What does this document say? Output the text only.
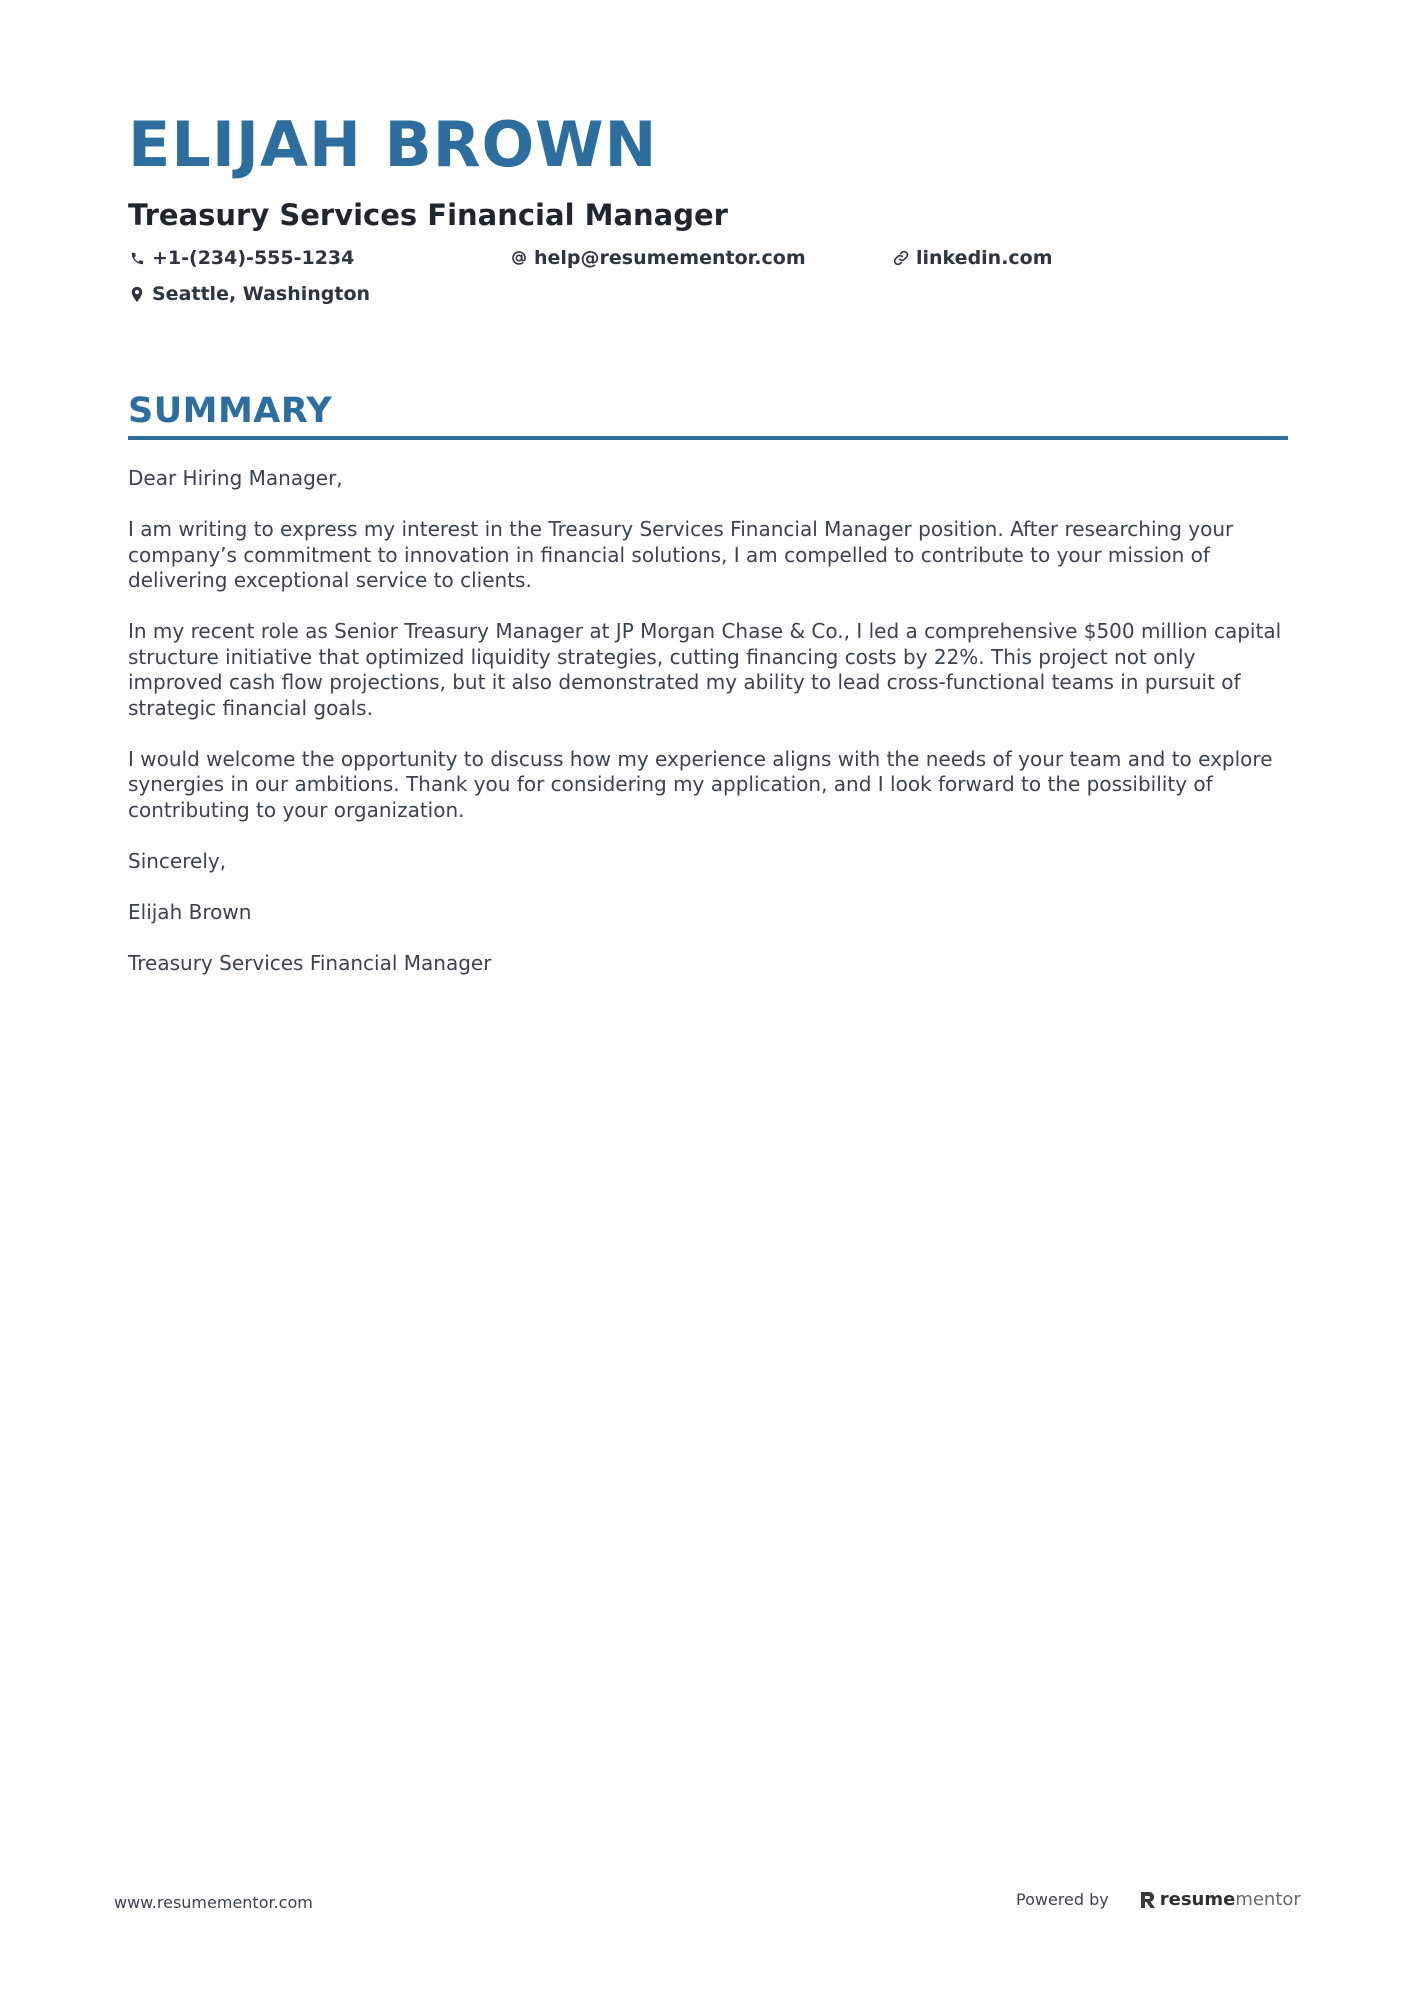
ELIJAH BROWN
Treasury Services Financial Manager
+1-(234)-555-1234	help@resumementor.com	linkedin.com
Seattle, Washington
SUMMARY

Dear Hiring Manager,

I am writing to express my interest in the Treasury Services Financial Manager position. After researching your company’s commitment to innovation in financial solutions, I am compelled to contribute to your mission of delivering exceptional service to clients.

In my recent role as Senior Treasury Manager at JP Morgan Chase & Co., I led a comprehensive $500 million capital structure initiative that optimized liquidity strategies, cutting financing costs by 22%. This project not only improved cash flow projections, but it also demonstrated my ability to lead cross-functional teams in pursuit of strategic financial goals.

I would welcome the opportunity to discuss how my experience aligns with the needs of your team and to explore synergies in our ambitions. Thank you for considering my application, and I look forward to the possibility of contributing to your organization.

Sincerely,

Elijah Brown

Treasury Services Financial Manager

www.resumementor.com	Powered by	resume mentor
